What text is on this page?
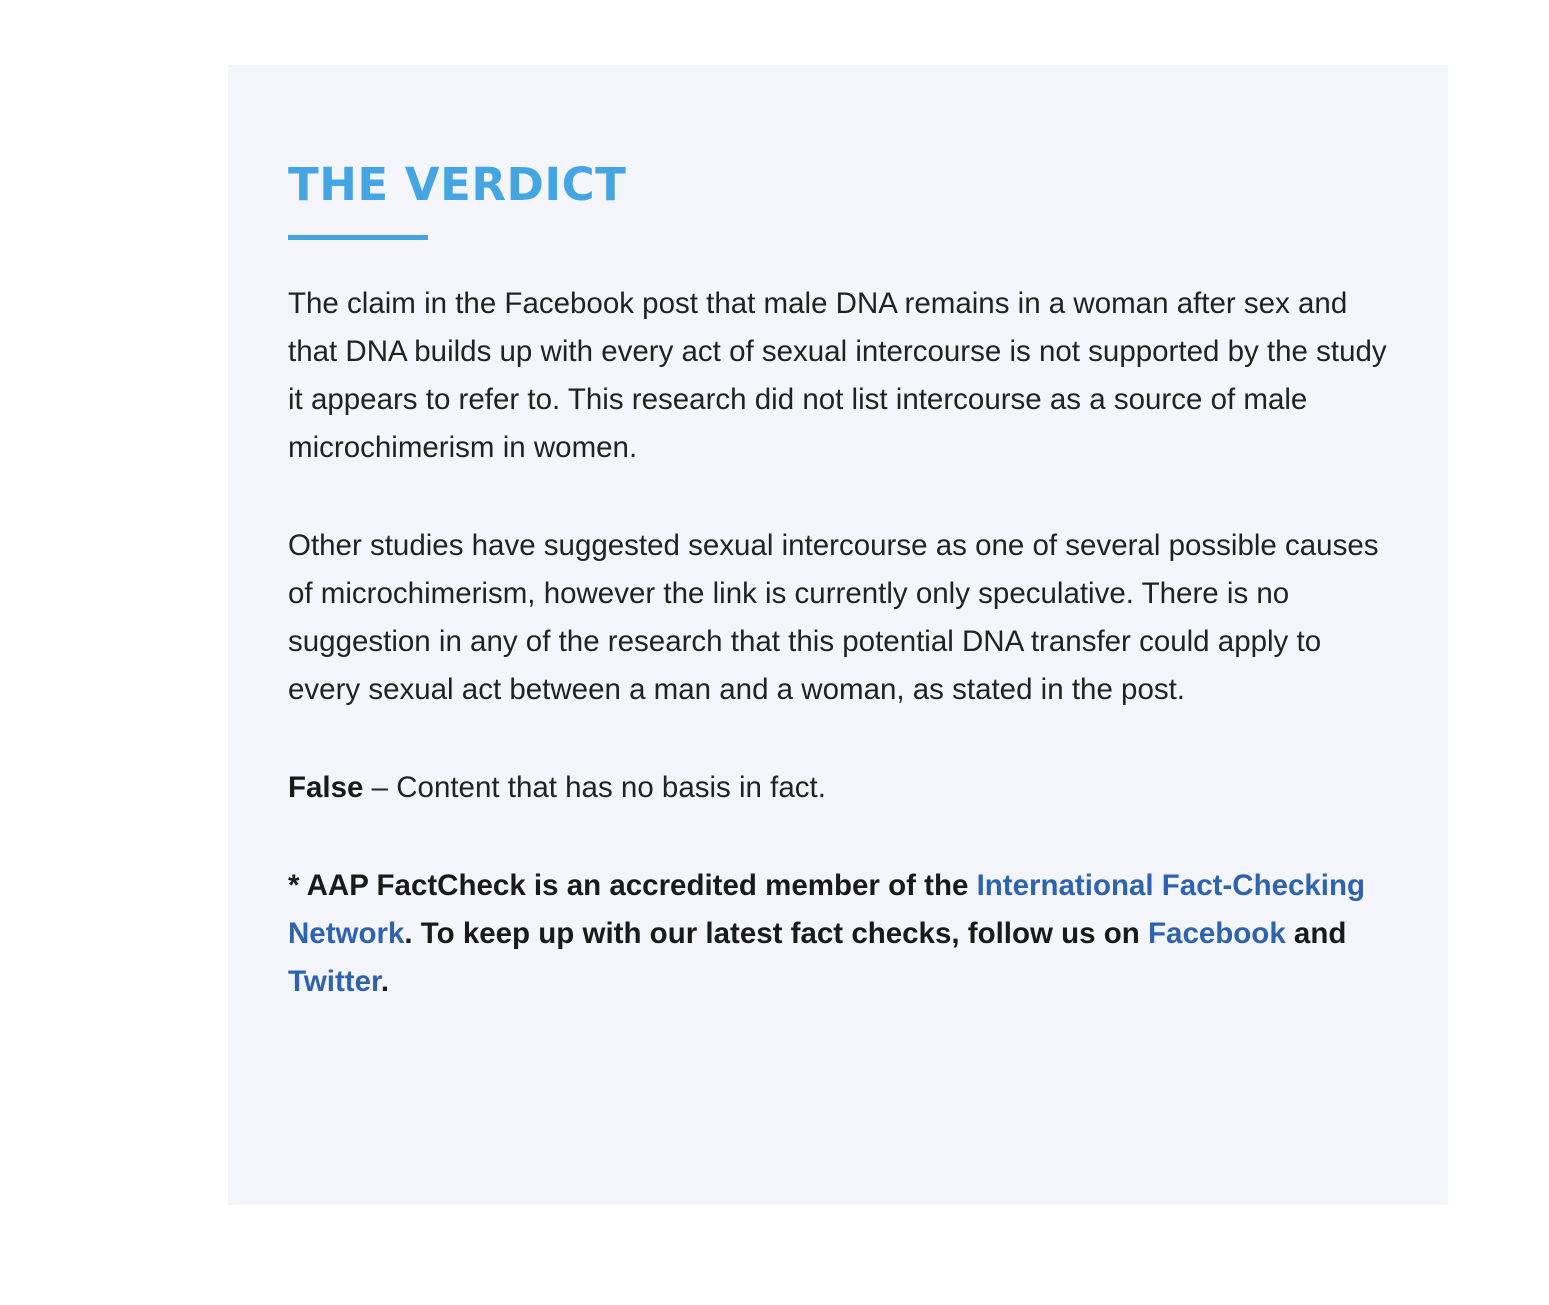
THE VERDICT

The claim in the Facebook post that male DNA remains in a woman after sex and that DNA builds up with every act of sexual intercourse is not supported by the study it appears to refer to. This research did not list intercourse as a source of male microchimerism in women.

Other studies have suggested sexual intercourse as one of several possible causes of microchimerism, however the link is currently only speculative. There is no suggestion in any of the research that this potential DNA transfer could apply to every sexual act between a man and a woman, as stated in the post.

False – Content that has no basis in fact.

* AAP FactCheck is an accredited member of the International Fact-Checking Network. To keep up with our latest fact checks, follow us on Facebook and Twitter.
